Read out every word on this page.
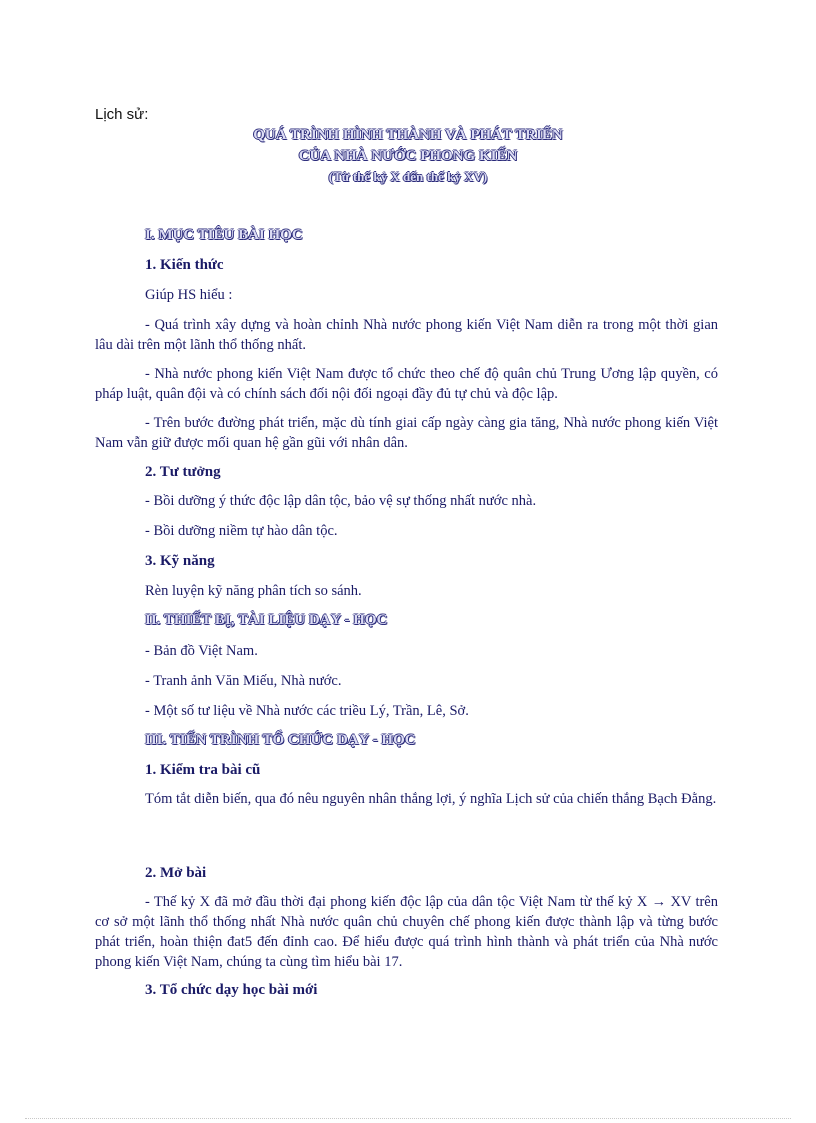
Lịch sử:
QUÁ TRÌNH HÌNH THÀNH VÀ PHÁT TRIỂN
CỦA NHÀ NƯỚC PHONG KIẾN
(Từ thế kỷ X đến thế kỷ XV)
I. MỤC TIÊU BÀI HỌC
1. Kiến thức
Giúp HS hiểu :
- Quá trình xây dựng và hoàn chỉnh Nhà nước phong kiến Việt Nam diễn ra trong một thời gian lâu dài trên một lãnh thổ thống nhất.
- Nhà nước phong kiến Việt Nam được tổ chức theo chế độ quân chủ Trung Ương lập quyền, có pháp luật, quân đội và có chính sách đối nội đối ngoại đầy đủ tự chủ và độc lập.
- Trên bước đường phát triển, mặc dù tính giai cấp ngày càng gia tăng, Nhà nước phong kiến Việt Nam vẫn giữ được mối quan hệ gần gũi với nhân dân.
2. Tư tưởng
- Bồi dưỡng ý thức độc lập dân tộc, bảo vệ sự thống nhất nước nhà.
- Bồi dưỡng niềm tự hào dân tộc.
3. Kỹ năng
Rèn luyện kỹ năng phân tích so sánh.
II. THIẾT BỊ, TÀI LIỆU DẠY - HỌC
- Bản đồ Việt Nam.
- Tranh ảnh Văn Miếu, Nhà nước.
- Một số tư liệu về Nhà nước các triều Lý, Trần, Lê, Sở.
III. TIẾN TRÌNH TỔ CHỨC DẠY - HỌC
1. Kiểm tra bài cũ
Tóm tắt diễn biến, qua đó nêu nguyên nhân thắng lợi, ý nghĩa Lịch sử của chiến thắng Bạch Đằng.
2. Mở bài
- Thế kỷ X đã mở đầu thời đại phong kiến độc lập của dân tộc Việt Nam từ thế kỷ X → XV trên cơ sở một lãnh thổ thống nhất Nhà nước quân chủ chuyên chế phong kiến được thành lập và từng bước phát triển, hoàn thiện đat5 đến đỉnh cao. Để hiểu được quá trình hình thành và phát triển của Nhà nước phong kiến Việt Nam, chúng ta cùng tìm hiểu bài 17.
3. Tổ chức dạy học bài mới
